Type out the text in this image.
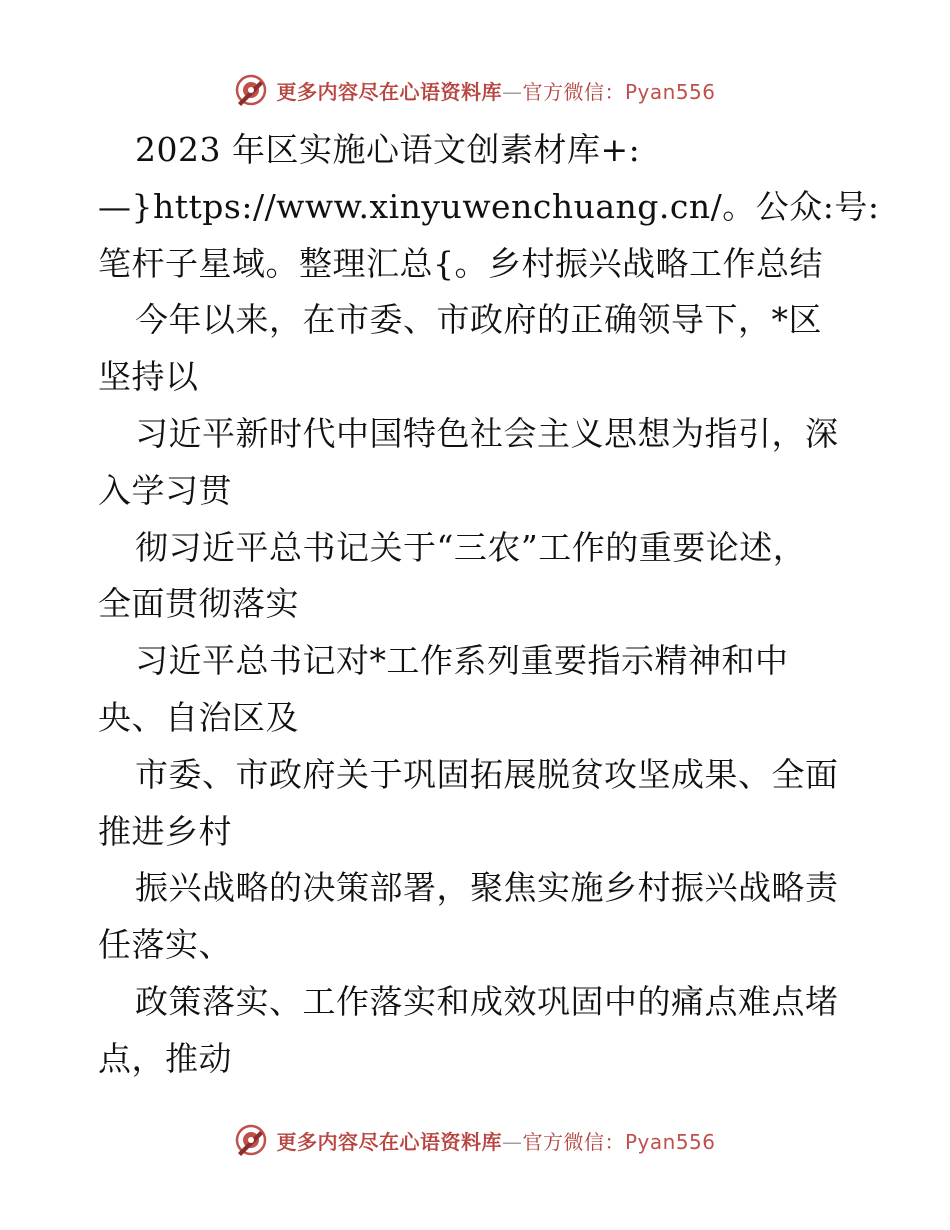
更多内容尽在心语资料库—官方微信：Pyan556
2023 年区实施心语文创素材库+:
—}https://www.xinyuwenchuang.cn/。公众:号:
笔杆子星域。整理汇总{。乡村振兴战略工作总结
今年以来，在市委、市政府的正确领导下，*区
坚持以
习近平新时代中国特色社会主义思想为指引，深
入学习贯
彻习近平总书记关于“三农”工作的重要论述，
全面贯彻落实
习近平总书记对*工作系列重要指示精神和中
央、自治区及
市委、市政府关于巩固拓展脱贫攻坚成果、全面
推进乡村
振兴战略的决策部署，聚焦实施乡村振兴战略责
任落实、
政策落实、工作落实和成效巩固中的痛点难点堵
点，推动
更多内容尽在心语资料库—官方微信：Pyan556
